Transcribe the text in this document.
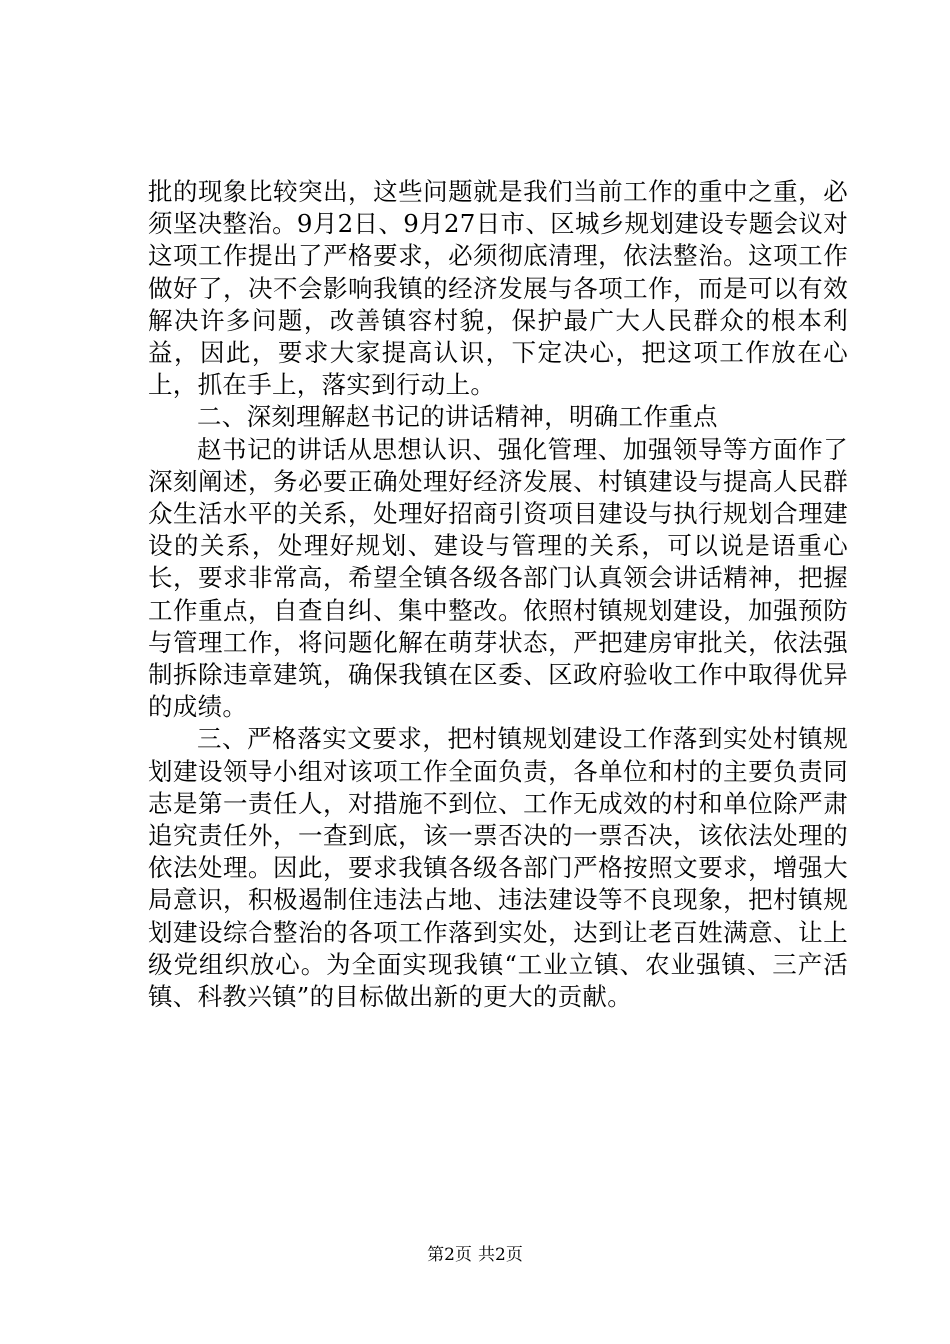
批的现象比较突出，这些问题就是我们当前工作的重中之重，必须坚决整治。9月2日、9月27日市、区城乡规划建设专题会议对这项工作提出了严格要求，必须彻底清理，依法整治。这项工作做好了，决不会影响我镇的经济发展与各项工作，而是可以有效解决许多问题，改善镇容村貌，保护最广大人民群众的根本利益，因此，要求大家提高认识，下定决心，把这项工作放在心上，抓在手上，落实到行动上。

二、深刻理解赵书记的讲话精神，明确工作重点

赵书记的讲话从思想认识、强化管理、加强领导等方面作了深刻阐述，务必要正确处理好经济发展、村镇建设与提高人民群众生活水平的关系，处理好招商引资项目建设与执行规划合理建设的关系，处理好规划、建设与管理的关系，可以说是语重心长，要求非常高，希望全镇各级各部门认真领会讲话精神，把握工作重点，自查自纠、集中整改。依照村镇规划建设，加强预防与管理工作，将问题化解在萌芽状态，严把建房审批关，依法强制拆除违章建筑，确保我镇在区委、区政府验收工作中取得优异的成绩。

三、严格落实文要求，把村镇规划建设工作落到实处村镇规划建设领导小组对该项工作全面负责，各单位和村的主要负责同志是第一责任人，对措施不到位、工作无成效的村和单位除严肃追究责任外，一查到底，该一票否决的一票否决，该依法处理的依法处理。因此，要求我镇各级各部门严格按照文要求，增强大局意识，积极遏制住违法占地、违法建设等不良现象，把村镇规划建设综合整治的各项工作落到实处，达到让老百姓满意、让上级党组织放心。为全面实现我镇“工业立镇、农业强镇、三产活镇、科教兴镇”的目标做出新的更大的贡献。

第2页 共2页
